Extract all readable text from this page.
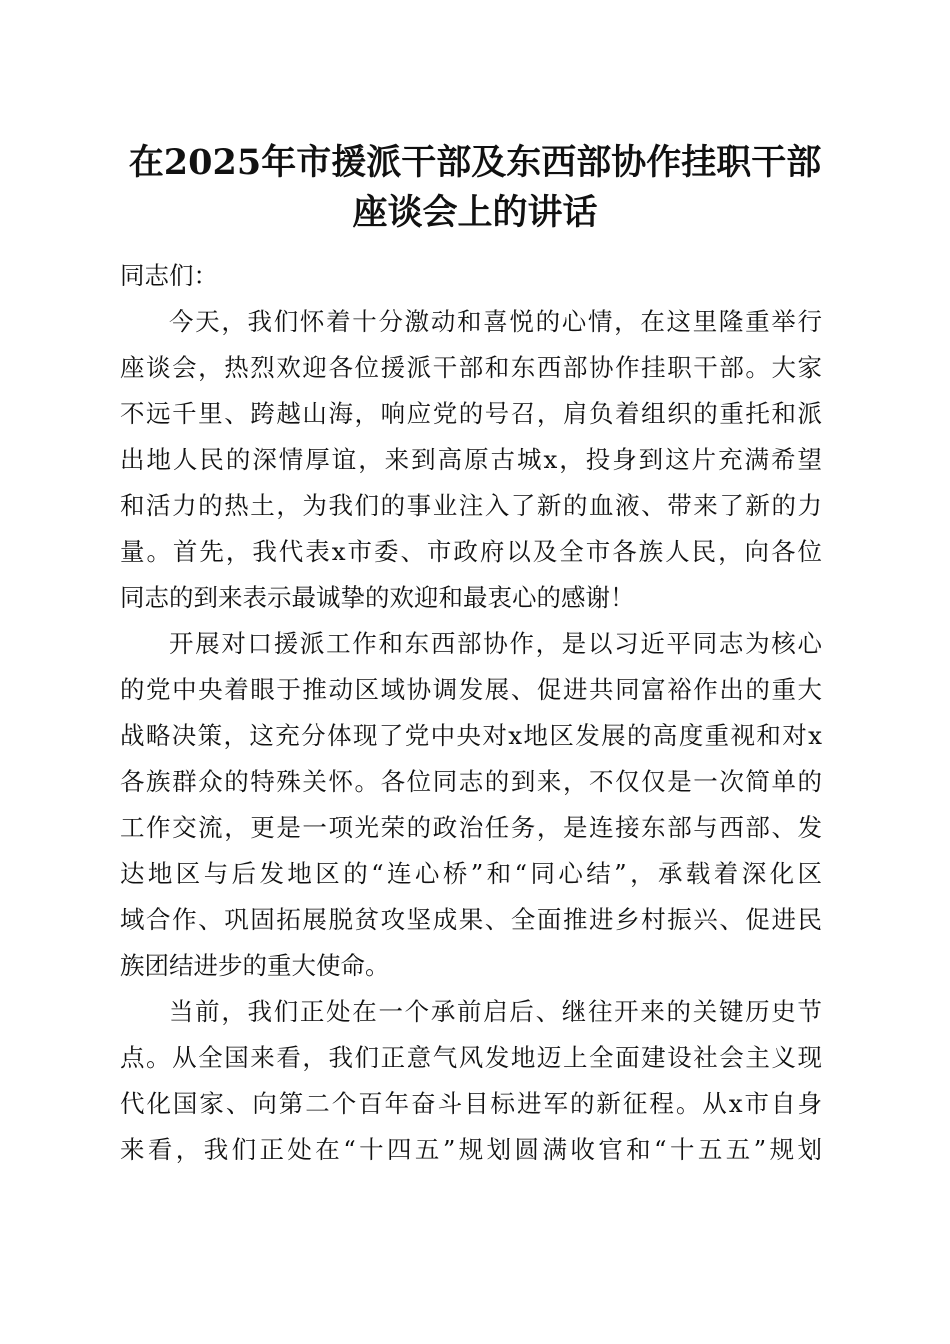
在2025年市援派干部及东西部协作挂职干部
座谈会上的讲话

同志们：

今天，我们怀着十分激动和喜悦的心情，在这里隆重举行
座谈会，热烈欢迎各位援派干部和东西部协作挂职干部。大家
不远千里、跨越山海，响应党的号召，肩负着组织的重托和派
出地人民的深情厚谊，来到高原古城x，投身到这片充满希望
和活力的热土，为我们的事业注入了新的血液、带来了新的力
量。首先，我代表x市委、市政府以及全市各族人民，向各位
同志的到来表示最诚挚的欢迎和最衷心的感谢！
开展对口援派工作和东西部协作，是以习近平同志为核心
的党中央着眼于推动区域协调发展、促进共同富裕作出的重大
战略决策，这充分体现了党中央对x地区发展的高度重视和对x
各族群众的特殊关怀。各位同志的到来，不仅仅是一次简单的
工作交流，更是一项光荣的政治任务，是连接东部与西部、发
达地区与后发地区的“连心桥”和“同心结”，承载着深化区
域合作、巩固拓展脱贫攻坚成果、全面推进乡村振兴、促进民
族团结进步的重大使命。
当前，我们正处在一个承前启后、继往开来的关键历史节
点。从全国来看，我们正意气风发地迈上全面建设社会主义现
代化国家、向第二个百年奋斗目标进军的新征程。从x市自身
来看，我们正处在“十四五”规划圆满收官和“十五五”规划
